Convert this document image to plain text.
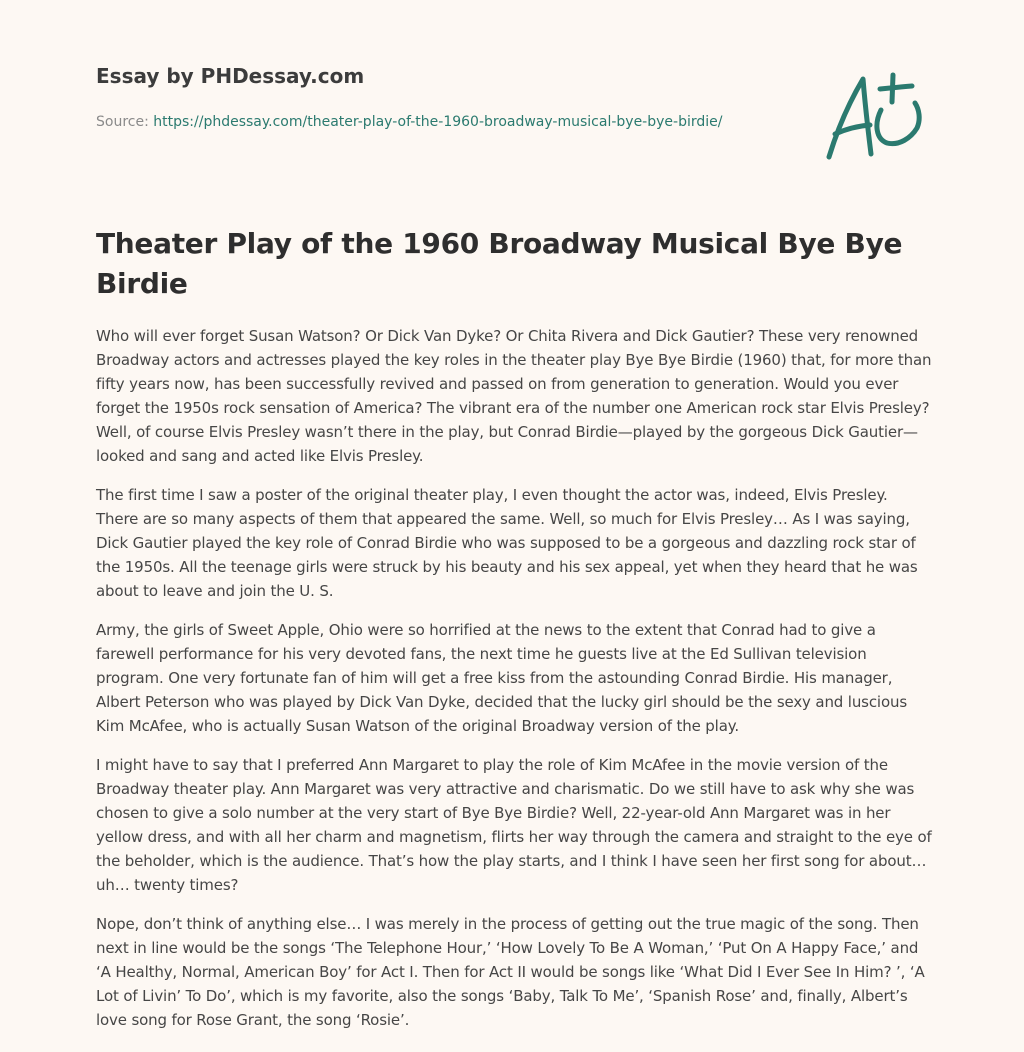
Essay by PHDessay.com
Source: https://phdessay.com/theater-play-of-the-1960-broadway-musical-bye-bye-birdie/
Theater Play of the 1960 Broadway Musical Bye Bye Birdie

Who will ever forget Susan Watson? Or Dick Van Dyke? Or Chita Rivera and Dick Gautier? These very renowned Broadway actors and actresses played the key roles in the theater play Bye Bye Birdie (1960) that, for more than fifty years now, has been successfully revived and passed on from generation to generation. Would you ever forget the 1950s rock sensation of America? The vibrant era of the number one American rock star Elvis Presley? Well, of course Elvis Presley wasn’t there in the play, but Conrad Birdie—played by the gorgeous Dick Gautier—looked and sang and acted like Elvis Presley.

The first time I saw a poster of the original theater play, I even thought the actor was, indeed, Elvis Presley. There are so many aspects of them that appeared the same. Well, so much for Elvis Presley… As I was saying, Dick Gautier played the key role of Conrad Birdie who was supposed to be a gorgeous and dazzling rock star of the 1950s. All the teenage girls were struck by his beauty and his sex appeal, yet when they heard that he was about to leave and join the U. S.

Army, the girls of Sweet Apple, Ohio were so horrified at the news to the extent that Conrad had to give a farewell performance for his very devoted fans, the next time he guests live at the Ed Sullivan television program. One very fortunate fan of him will get a free kiss from the astounding Conrad Birdie. His manager, Albert Peterson who was played by Dick Van Dyke, decided that the lucky girl should be the sexy and luscious Kim McAfee, who is actually Susan Watson of the original Broadway version of the play.

I might have to say that I preferred Ann Margaret to play the role of Kim McAfee in the movie version of the Broadway theater play. Ann Margaret was very attractive and charismatic. Do we still have to ask why she was chosen to give a solo number at the very start of Bye Bye Birdie? Well, 22-year-old Ann Margaret was in her yellow dress, and with all her charm and magnetism, flirts her way through the camera and straight to the eye of the beholder, which is the audience. That’s how the play starts, and I think I have seen her first song for about… uh… twenty times?

Nope, don’t think of anything else… I was merely in the process of getting out the true magic of the song. Then next in line would be the songs ‘The Telephone Hour,’ ‘How Lovely To Be A Woman,’ ‘Put On A Happy Face,’ and ‘A Healthy, Normal, American Boy’ for Act I. Then for Act II would be songs like ‘What Did I Ever See In Him? ’, ‘A Lot of Livin’ To Do’, which is my favorite, also the songs ‘Baby, Talk To Me’, ‘Spanish Rose’ and, finally, Albert’s love song for Rose Grant, the song ‘Rosie’.
